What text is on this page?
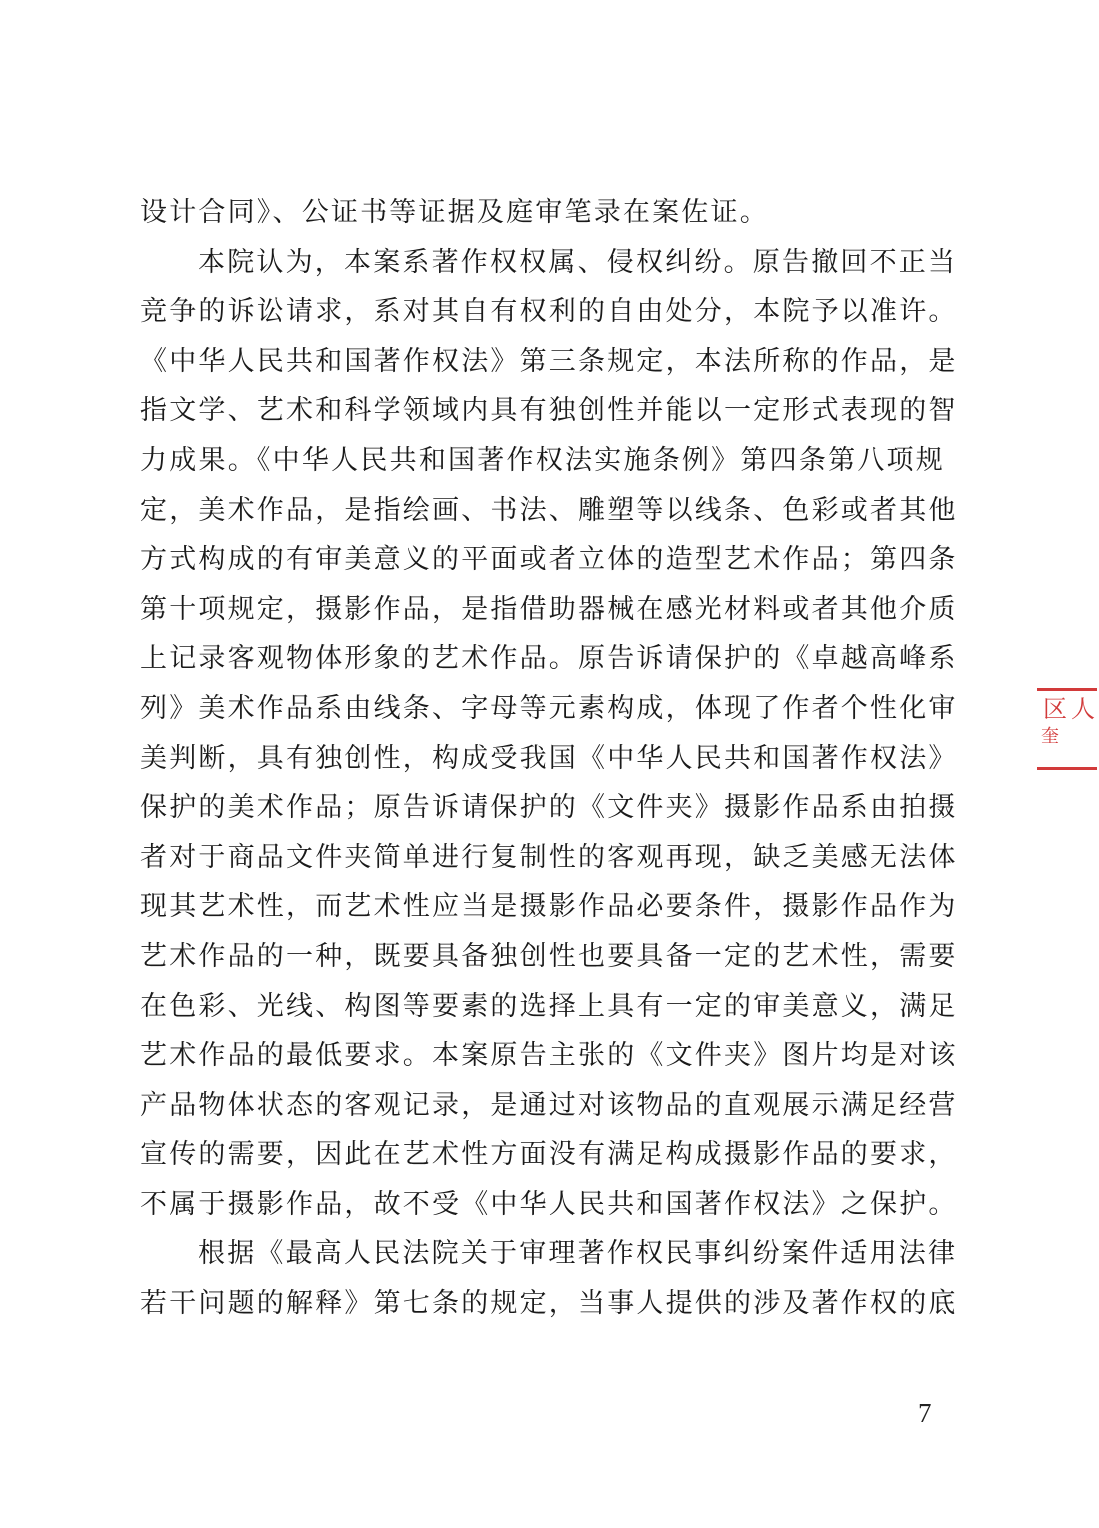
设计合同》、公证书等证据及庭审笔录在案佐证。
本院认为，本案系著作权权属、侵权纠纷。原告撤回不正当
竞争的诉讼请求，系对其自有权利的自由处分，本院予以准许。
《中华人民共和国著作权法》第三条规定，本法所称的作品，是
指文学、艺术和科学领域内具有独创性并能以一定形式表现的智
力成果。《中华人民共和国著作权法实施条例》第四条第八项规
定，美术作品，是指绘画、书法、雕塑等以线条、色彩或者其他
方式构成的有审美意义的平面或者立体的造型艺术作品；第四条
第十项规定，摄影作品，是指借助器械在感光材料或者其他介质
上记录客观物体形象的艺术作品。原告诉请保护的《卓越高峰系
列》美术作品系由线条、字母等元素构成，体现了作者个性化审
美判断，具有独创性，构成受我国《中华人民共和国著作权法》
保护的美术作品；原告诉请保护的《文件夹》摄影作品系由拍摄
者对于商品文件夹简单进行复制性的客观再现，缺乏美感无法体
现其艺术性，而艺术性应当是摄影作品必要条件，摄影作品作为
艺术作品的一种，既要具备独创性也要具备一定的艺术性，需要
在色彩、光线、构图等要素的选择上具有一定的审美意义，满足
艺术作品的最低要求。本案原告主张的《文件夹》图片均是对该
产品物体状态的客观记录，是通过对该物品的直观展示满足经营
宣传的需要，因此在艺术性方面没有满足构成摄影作品的要求，
不属于摄影作品，故不受《中华人民共和国著作权法》之保护。
根据《最高人民法院关于审理著作权民事纠纷案件适用法律
若干问题的解释》第七条的规定，当事人提供的涉及著作权的底
7
区人
奎
